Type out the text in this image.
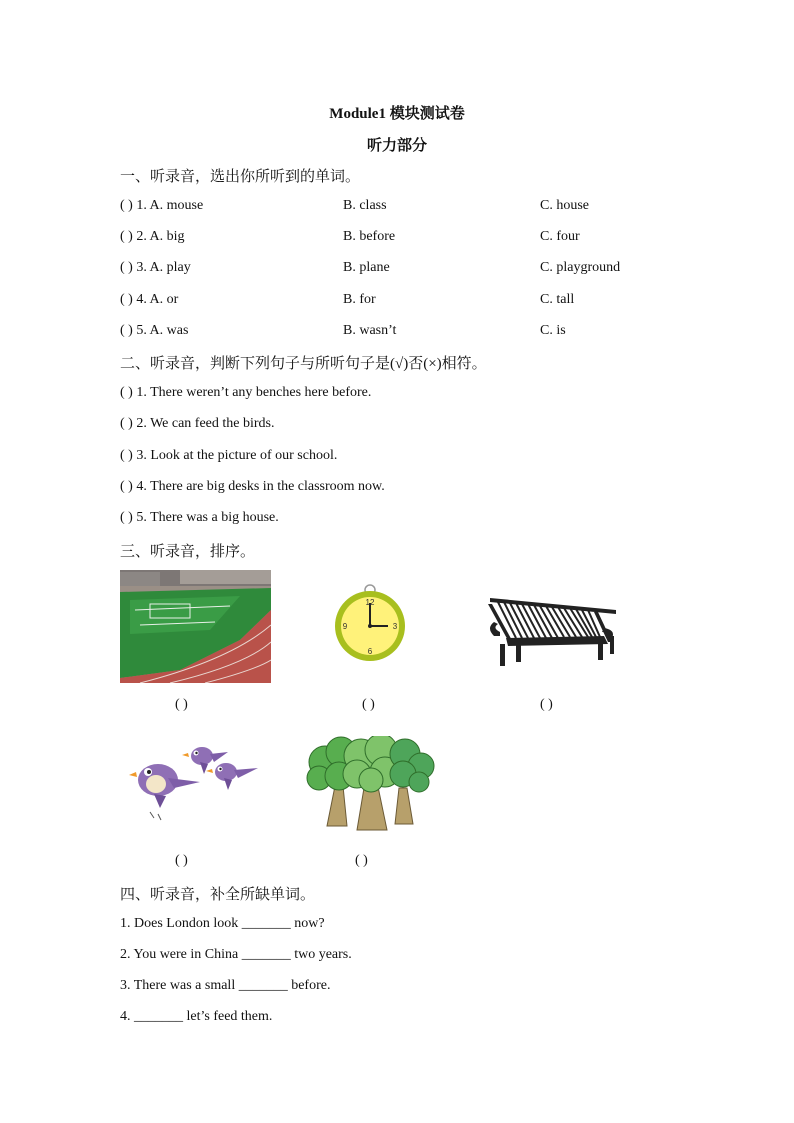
Module1 模块测试卷
听力部分
一、听录音，选出你所听到的单词。
( ) 1. A. mouse	B. class	C. house
( ) 2. A. big	B. before	C. four
( ) 3. A. play	B. plane	C. playground
( ) 4. A. or	B. for	C. tall
( ) 5. A. was	B. wasn’t	C. is
二、听录音，判断下列句子与所听句子是(√)否(×)相符。
( ) 1. There weren’t any benches here before.
( ) 2. We can feed the birds.
( ) 3. Look at the picture of our school.
( ) 4. There are big desks in the classroom now.
( ) 5. There was a big house.
三、听录音，排序。
( )
12
3
6
9
( )	( )
( )	( )
四、听录音，补全所缺单词。
1. Does London look _______ now?
2. You were in China _______ two years.
3. There was a small _______ before.
4. _______ let’s feed them.
